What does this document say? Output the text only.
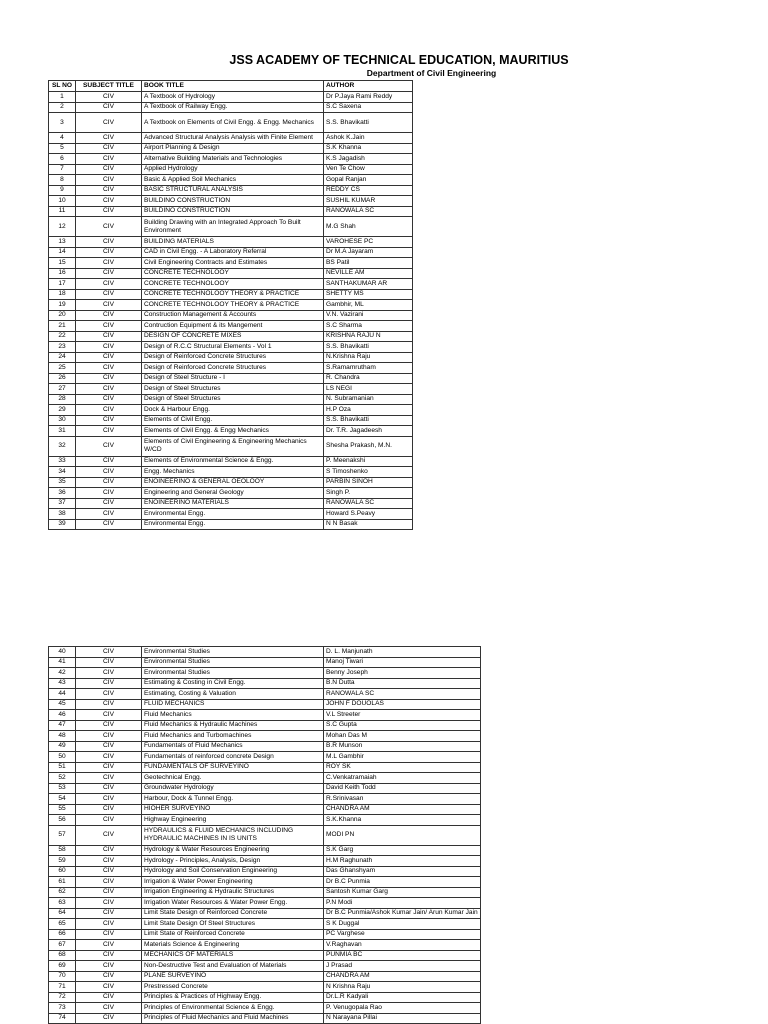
JSS ACADEMY OF TECHNICAL EDUCATION, MAURITIUS
Department of Civil Engineering
SL NO	SUBJECT TITLE	BOOK TITLE	AUTHOR
1	CIV	A Textbook of Hydrology	Dr P.Jaya Rami Reddy
2	CIV	A Textbook of Railway Engg.	S.C Saxena
3	CIV	A Textbook on Elements of Civil Engg. & Engg. Mechanics	S.S. Bhavikatti
4	CIV	Advanced Structural Analysis Analysis with Finite Element	Ashok K.Jain
5	CIV	Airport Planning & Design	S.K Khanna
6	CIV	Alternative Building Materials and Technologies	K.S Jagadish
7	CIV	Applied Hydrology	Ven Te Chow
8	CIV	Basic & Applied Soil Mechanics	Gopal Ranjan
9	CIV	BASIC STRUCTURAL ANALYSIS	REDDY CS
10	CIV	BUILDINO CONSTRUCTION	SUSHIL KUMAR
11	CIV	BUILDINO CONSTRUCTION	RANOWALA SC
12	CIV	Building Drawing with an Integrated Approach To Built Environment	M.G Shah
13	CIV	BUILDING MATERIALS	VAROHESE PC
14	CIV	CAD in Civil Engg. - A Laboratory Referral	Dr M.A Jayaram
15	CIV	Civil Engineering Contracts and Estimates	BS Patil
16	CIV	CONCRETE TECHNOLOOY	NEVILLE AM
17	CIV	CONCRETE TECHNOLOOY	SANTHAKUMAR AR
18	CIV	CONCRETE TECHNOLOOY THEORY & PRACTICE	SHETTY MS
19	CIV	CONCRETE TECHNOLOOY THEORY & PRACTICE	Gambhir, ML
20	CIV	Construction Management & Accounts	V.N. Vazirani
21	CIV	Contruction Equipment & its Mangement	S.C Sharma
22	CIV	DESIGN OF CONCRETE MIXES	KRISHNA RAJU N
23	CIV	Design of R.C.C Structural Elements - Vol 1	S.S. Bhavikatti
24	CIV	Design of Reinforced Concrete Structures	N.Krishna Raju
25	CIV	Design of Reinforced Concrete Structures	S.Ramamrutham
26	CIV	Design of Steel Structure - I	R. Chandra
27	CIV	Design of Steel Structures	LS NEGI
28	CIV	Design of Steel Structures	N. Subramanian
29	CIV	Dock & Harbour Engg.	H.P Oza
30	CIV	Elements of Civil Engg.	S.S. Bhavikatti
31	CIV	Elements of Civil Engg. & Engg Mechanics	Dr. T.R. Jagadeesh
32	CIV	Elements of Civil Engineering & Engineering Mechanics W/CD	Shesha Prakash, M.N.
33	CIV	Elements of Environmental Science & Engg.	P. Meenakshi
34	CIV	Engg. Mechanics	S Timoshenko
35	CIV	ENOINEERINO & GENERAL OEOLOOY	PARBIN SINOH
36	CIV	Engineering and General Geology	Singh P.
37	CIV	ENOINEERINO MATERIALS	RANOWALA SC
38	CIV	Environmental Engg.	Howard S.Peavy
39	CIV	Environmental Engg.	N N Basak
40	CIV	Environmental Studies	D. L. Manjunath
41	CIV	Environmental Studies	Manoj Tiwari
42	CIV	Environmental Studies	Benny Joseph
43	CIV	Estimating & Costing in Civil Engg.	B.N Dutta
44	CIV	Estimating, Costing & Valuation	RANOWALA SC
45	CIV	FLUID MECHANICS	JOHN F DOUOLAS
46	CIV	Fluid Mechanics	V.L Streeter
47	CIV	Fluid Mechanics & Hydraulic Machines	S.C Gupta
48	CIV	Fluid Mechanics and Turbomachines	Mohan Das M
49	CIV	Fundamentals of Fluid Mechanics	B.R Munson
50	CIV	Fundamentals of reinforced concrete Design	M.L Gambhir
51	CIV	FUNDAMENTALS OF SURVEYINO	ROY SK
52	CIV	Geotechnical Engg.	C.Venkatramaiah
53	CIV	Groundwater Hydrology	David Keith Todd
54	CIV	Harbour, Dock & Tunnel Engg.	R.Srinivasan
55	CIV	HIOHER SURVEYINO	CHANDRA AM
56	CIV	Highway Engineering	S.K.Khanna
57	CIV	HYDRAULICS & FLUID MECHANICS INCLUDING HYDRAULIC MACHINES IN IS UNITS	MODI PN
58	CIV	Hydrology & Water Resources Engineering	S.K Garg
59	CIV	Hydrology - Principles, Analysis, Design	H.M Raghunath
60	CIV	Hydrology and Soil Conservation Engineering	Das Ghanshyam
61	CIV	Irrigation & Water Power Engineering	Dr B.C Punmia
62	CIV	Irrigation Engineering & Hydraulic Structures	Santosh Kumar Garg
63	CIV	Irrigation Water Resources & Water Power Engg.	P.N Modi
64	CIV	Limit State Design of Reinforced Concrete	Dr B.C Punmia/Ashok Kumar Jain/ Arun Kumar Jain
65	CIV	Limit State Design Of Steel Structures	S K Duggal
66	CIV	Limit State of Reinforced Concrete	PC Varghese
67	CIV	Materials Science & Engineering	V.Raghavan
68	CIV	MECHANICS OF MATERIALS	PUNMIA BC
69	CIV	Non-Destructive Test and Evaluation of Materials	J Prasad
70	CIV	PLANE SURVEYINO	CHANDRA AM
71	CIV	Prestressed Concrete	N Krishna Raju
72	CIV	Principles & Practices of Highway Engg.	Dr.L.R Kadyali
73	CIV	Principles of Environmental Science & Engg.	P. Venugopala Rao
74	CIV	Principles of Fluid Mechanics and Fluid Machines	N Narayana Pillai
